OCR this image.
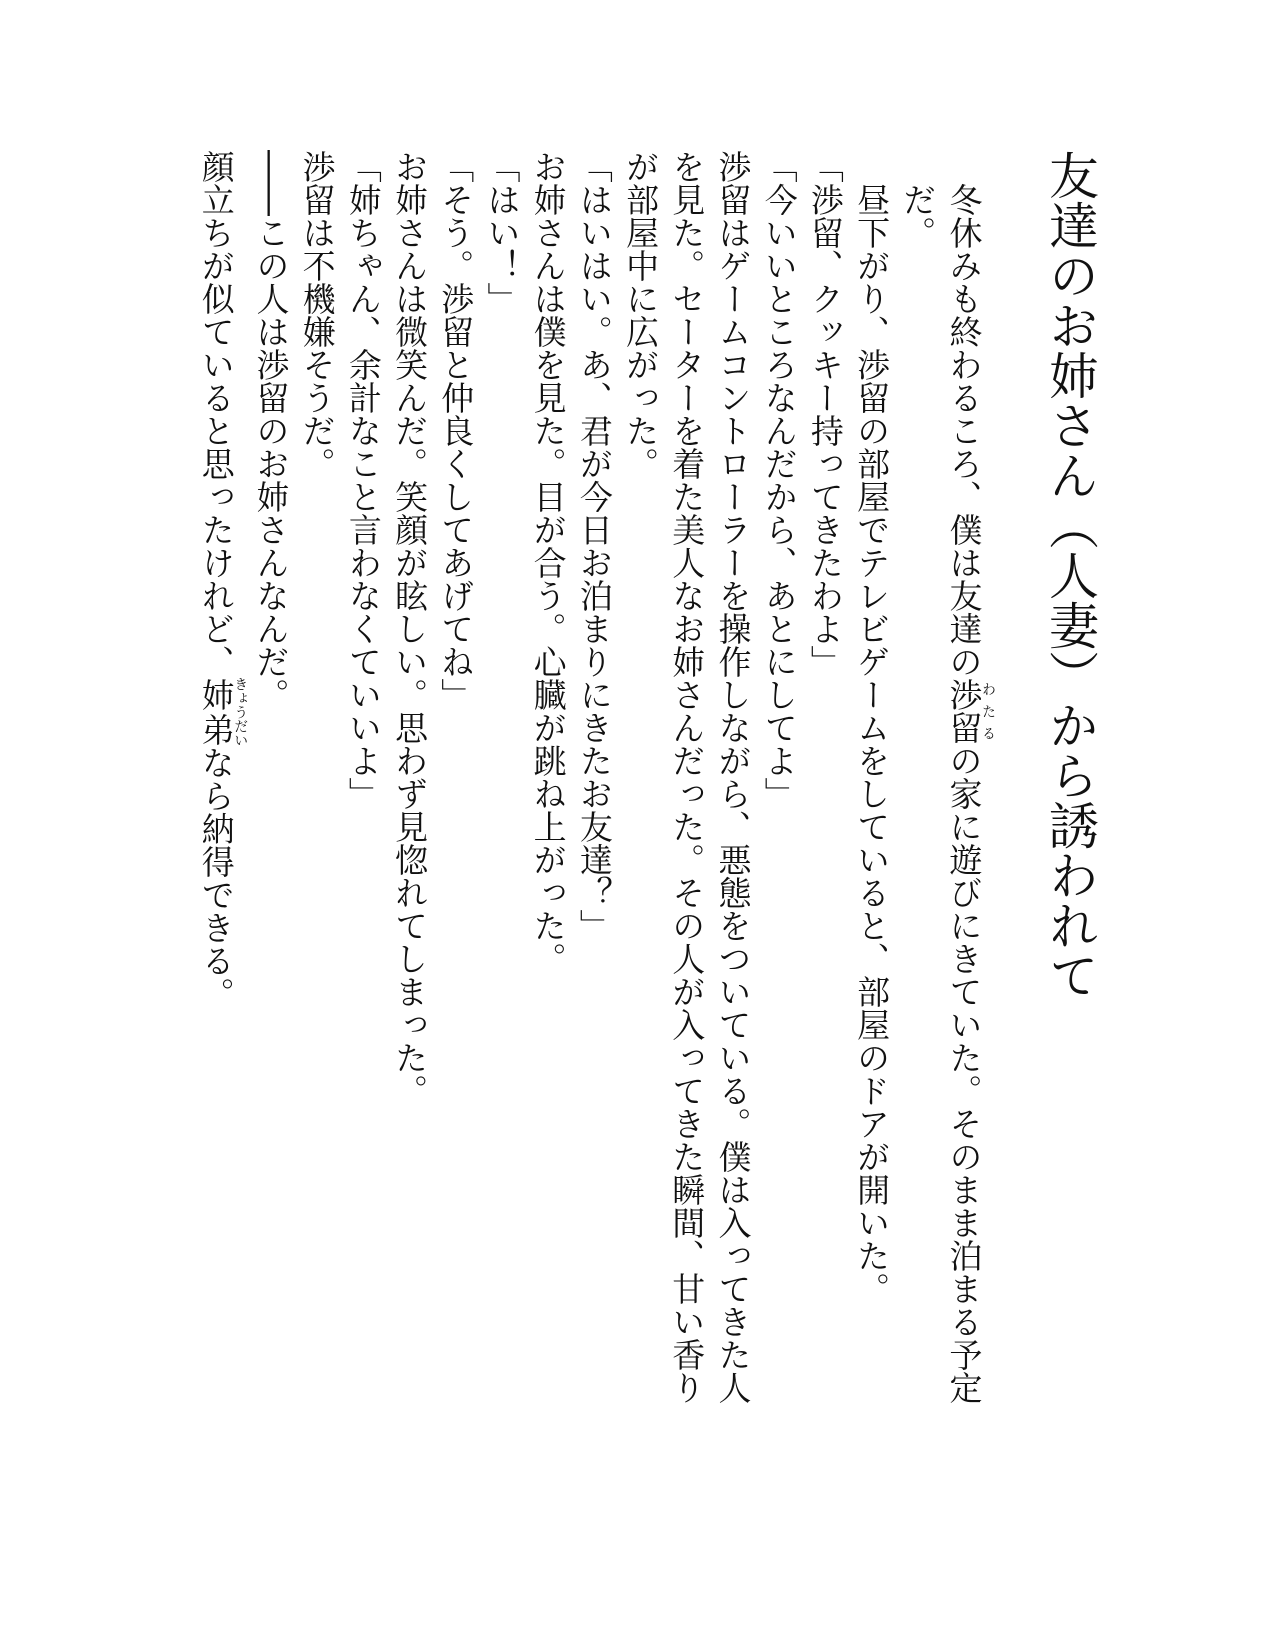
友達のお姉さん（人妻）から誘われて

冬休みも終わるころ、僕は友達の渉留わたるの家に遊びにきていた。そのまま泊まる予定だ。

昼下がり、渉留の部屋でテレビゲームをしていると、部屋のドアが開いた。

「渉留、クッキー持ってきたわよ」

「今いいところなんだから、あとにしてよ」

渉留はゲームコントローラーを操作しながら、悪態をついている。僕は入ってきた人を見た。セーターを着た美人なお姉さんだった。その人が入ってきた瞬間、甘い香りが部屋中に広がった。

「はいはい。あ、君が今日お泊まりにきたお友達？」

お姉さんは僕を見た。目が合う。心臓が跳ね上がった。

「はい！」

「そう。渉留と仲良くしてあげてね」

お姉さんは微笑んだ。笑顔が眩しい。思わず見惚れてしまった。

「姉ちゃん、余計なこと言わなくていいよ」

渉留は不機嫌そうだ。

――この人は渉留のお姉さんなんだ。

顔立ちが似ていると思ったけれど、姉弟きょうだいなら納得できる。
